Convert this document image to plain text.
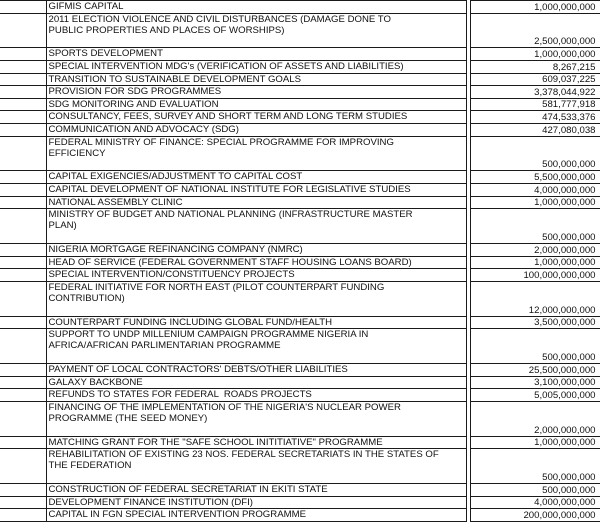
	GIFMIS CAPITAL		1,000,000,000
	2011 ELECTION VIOLENCE AND CIVIL DISTURBANCES (DAMAGE DONE TO
PUBLIC PROPERTIES AND PLACES OF WORSHIPS)		2,500,000,000
	SPORTS DEVELOPMENT		1,000,000,000
	SPECIAL INTERVENTION MDG's (VERIFICATION OF ASSETS AND LIABILITIES)		8,267,215
	TRANSITION TO SUSTAINABLE DEVELOPMENT GOALS		609,037,225
	PROVISION FOR SDG PROGRAMMES		3,378,044,922
	SDG MONITORING AND EVALUATION		581,777,918
	CONSULTANCY, FEES, SURVEY AND SHORT TERM AND LONG TERM STUDIES		474,533,376
	COMMUNICATION AND ADVOCACY (SDG)		427,080,038
	FEDERAL MINISTRY OF FINANCE: SPECIAL PROGRAMME FOR IMPROVING
EFFICIENCY		500,000,000
	CAPITAL EXIGENCIES/ADJUSTMENT TO CAPITAL COST		5,500,000,000
	CAPITAL DEVELOPMENT OF NATIONAL INSTITUTE FOR LEGISLATIVE STUDIES		4,000,000,000
	NATIONAL ASSEMBLY CLINIC		1,000,000,000
	MINISTRY OF BUDGET AND NATIONAL PLANNING (INFRASTRUCTURE MASTER
PLAN)		500,000,000
	NIGERIA MORTGAGE REFINANCING COMPANY (NMRC)		2,000,000,000
	HEAD OF SERVICE (FEDERAL GOVERNMENT STAFF HOUSING LOANS BOARD)		1,000,000,000
	SPECIAL INTERVENTION/CONSTITUENCY PROJECTS		100,000,000,000
	FEDERAL INITIATIVE FOR NORTH EAST (PILOT COUNTERPART FUNDING
CONTRIBUTION)		12,000,000,000
	COUNTERPART FUNDING INCLUDING GLOBAL FUND/HEALTH		3,500,000,000
	SUPPORT TO UNDP MILLENIUM CAMPAIGN PROGRAMME NIGERIA IN
AFRICA/AFRICAN PARLIMENTARIAN PROGRAMME		500,000,000
	PAYMENT OF LOCAL CONTRACTORS' DEBTS/OTHER LIABILITIES		25,500,000,000
	GALAXY BACKBONE		3,100,000,000
	REFUNDS TO STATES FOR FEDERAL  ROADS PROJECTS		5,005,000,000
	FINANCING OF THE IMPLEMENTATION OF THE NIGERIA'S NUCLEAR POWER
PROGRAMME (THE SEED MONEY)		2,000,000,000
	MATCHING GRANT FOR THE "SAFE SCHOOL INITITIATIVE" PROGRAMME		1,000,000,000
	REHABILITATION OF EXISTING 23 NOS. FEDERAL SECRETARIATS IN THE STATES OF
THE FEDERATION		500,000,000
	CONSTRUCTION OF FEDERAL SECRETARIAT IN EKITI STATE		500,000,000
	DEVELOPMENT FINANCE INSTITUTION (DFI)		4,000,000,000
	CAPITAL IN FGN SPECIAL INTERVENTION PROGRAMME		200,000,000,000
